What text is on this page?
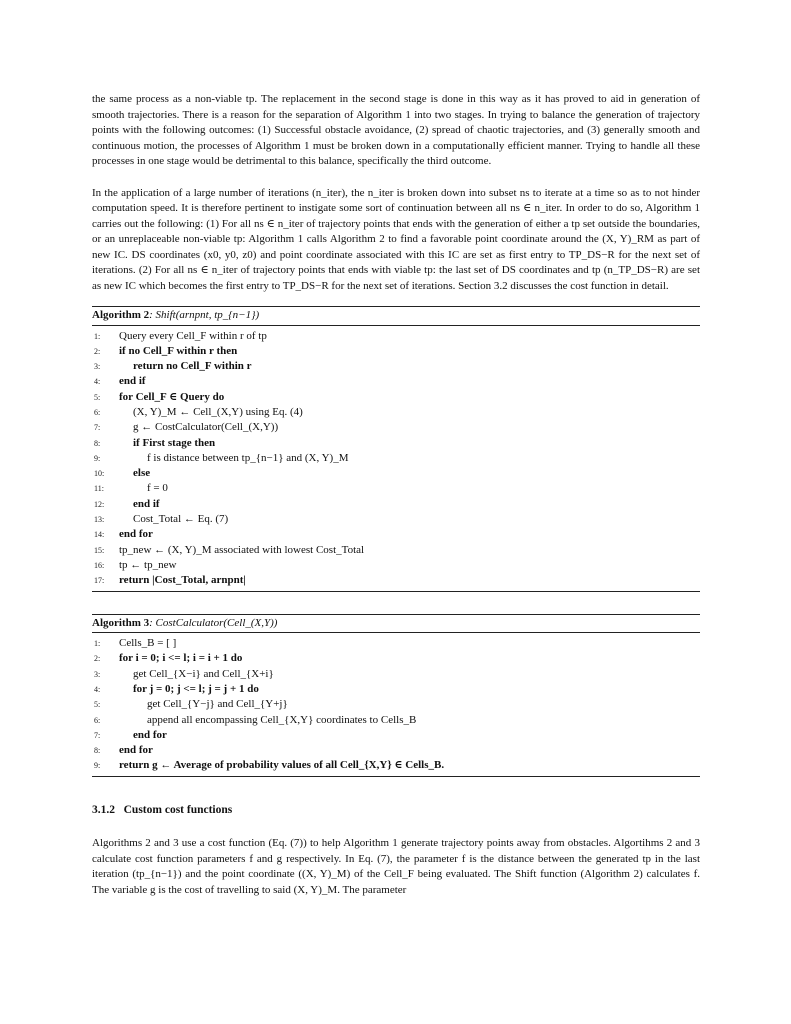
the same process as a non-viable tp. The replacement in the second stage is done in this way as it has proved to aid in generation of smooth trajectories. There is a reason for the separation of Algorithm 1 into two stages. In trying to balance the generation of trajectory points with the following outcomes: (1) Successful obstacle avoidance, (2) spread of chaotic trajectories, and (3) generally smooth and continuous motion, the processes of Algorithm 1 must be broken down in a computationally efficient manner. Trying to handle all these processes in one stage would be detrimental to this balance, specifically the third outcome.

In the application of a large number of iterations (n_iter), the n_iter is broken down into subset ns to iterate at a time so as to not hinder computation speed. It is therefore pertinent to instigate some sort of continuation between all ns ∈ n_iter. In order to do so, Algorithm 1 carries out the following: (1) For all ns ∈ n_iter of trajectory points that ends with the generation of either a tp set outside the boundaries, or an unreplaceable non-viable tp: Algorithm 1 calls Algorithm 2 to find a favorable point coordinate around the (X, Y)_RM as part of new IC. DS coordinates (x0, y0, z0) and point coordinate associated with this IC are set as first entry to TP_DS−R for the next set of iterations. (2) For all ns ∈ n_iter of trajectory points that ends with viable tp: the last set of DS coordinates and tp (n_TP_DS−R) are set as new IC which becomes the first entry to TP_DS−R for the next set of iterations. Section 3.2 discusses the cost function in detail.

Algorithm 2: Shift(arnpnt, tp_{n−1})
1:	Query every Cell_F within r of tp
2:	if no Cell_F within r then
3:	return no Cell_F within r
4:	end if
5:	for Cell_F ∈ Query do
6:	(X, Y)_M ← Cell_(X,Y) using Eq. (4)
7:	g ← CostCalculator(Cell_(X,Y))
8:	if First stage then
9:	f is distance between tp_{n−1} and (X, Y)_M
10:	else
11:	f = 0
12:	end if
13:	Cost_Total ← Eq. (7)
14:	end for
15:	tp_new ← (X, Y)_M associated with lowest Cost_Total
16:	tp ← tp_new
17:	return |Cost_Total, arnpnt|
Algorithm 3: CostCalculator(Cell_(X,Y))
1:	Cells_B = [ ]
2:	for i = 0; i <= l; i = i + 1 do
3:	get Cell_{X−i} and Cell_{X+i}
4:	for j = 0; j <= l; j = j + 1 do
5:	get Cell_{Y−j} and Cell_{Y+j}
6:	append all encompassing Cell_{X,Y} coordinates to Cells_B
7:	end for
8:	end for
9:	return g ← Average of probability values of all Cell_{X,Y} ∈ Cells_B.

3.1.2 Custom cost functions

Algorithms 2 and 3 use a cost function (Eq. (7)) to help Algorithm 1 generate trajectory points away from obstacles. Algortihms 2 and 3 calculate cost function parameters f and g respectively. In Eq. (7), the parameter f is the distance between the generated tp in the last iteration (tp_{n−1}) and the point coordinate ((X, Y)_M) of the Cell_F being evaluated. The Shift function (Algorithm 2) calculates f. The variable g is the cost of travelling to said (X, Y)_M. The parameter
